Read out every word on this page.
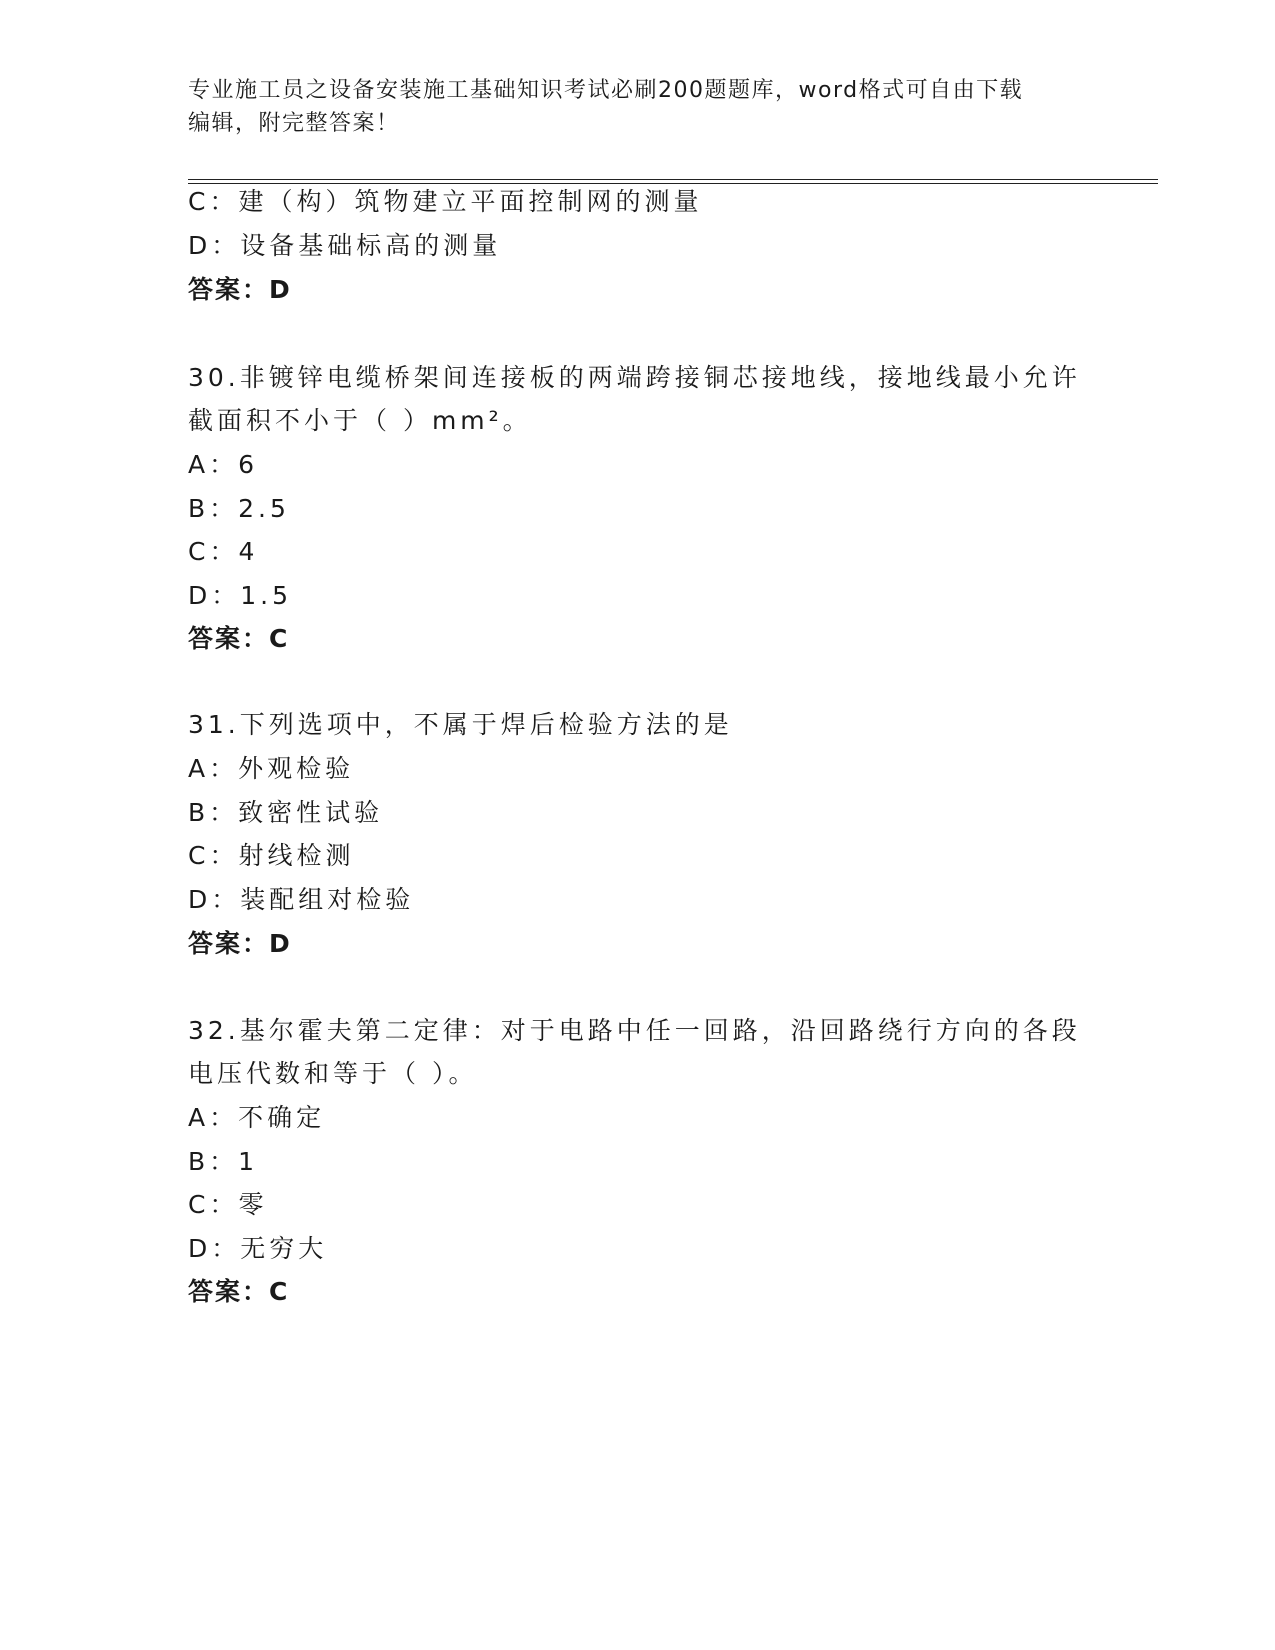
专业施工员之设备安装施工基础知识考试必刷200题题库，word格式可自由下载
编辑，附完整答案！
C：建（构）筑物建立平面控制网的测量
D：设备基础标高的测量
答案：D
30.非镀锌电缆桥架间连接板的两端跨接铜芯接地线，接地线最小允许
截面积不小于（ ）mm²。
A：6
B：2.5
C：4
D：1.5
答案：C
31.下列选项中，不属于焊后检验方法的是
A：外观检验
B：致密性试验
C：射线检测
D：装配组对检验
答案：D
32.基尔霍夫第二定律：对于电路中任一回路，沿回路绕行方向的各段
电压代数和等于（ ）。
A：不确定
B：1
C：零
D：无穷大
答案：C
